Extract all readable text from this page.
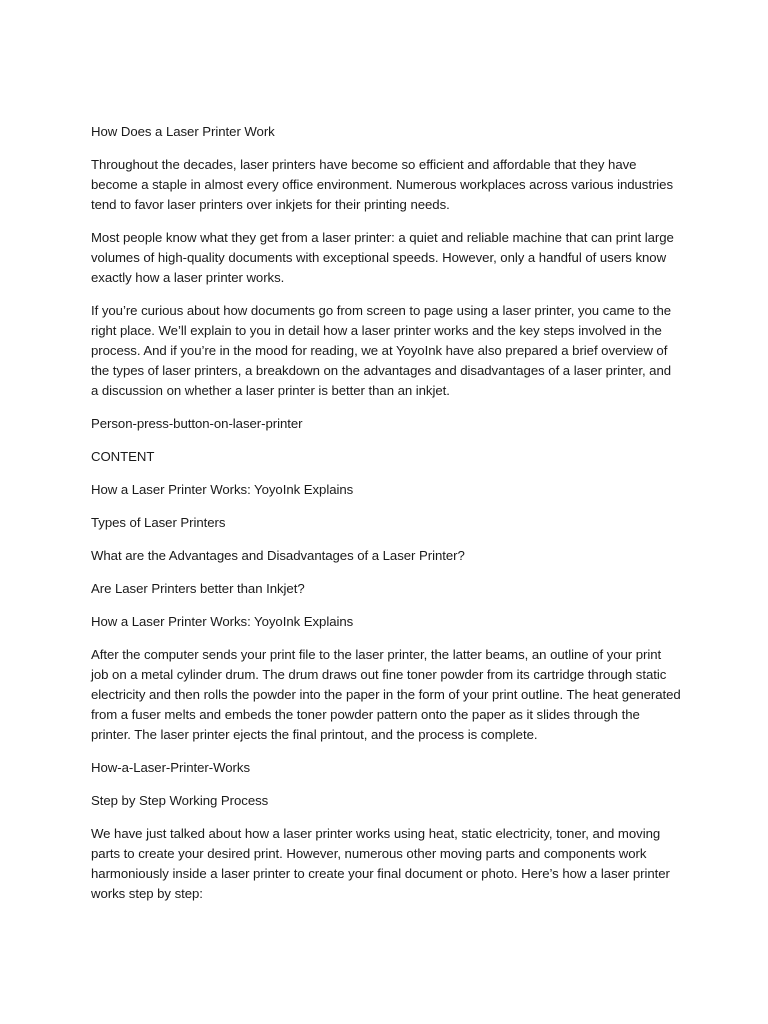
How Does a Laser Printer Work

Throughout the decades, laser printers have become so efficient and affordable that they have become a staple in almost every office environment. Numerous workplaces across various industries tend to favor laser printers over inkjets for their printing needs.

Most people know what they get from a laser printer: a quiet and reliable machine that can print large volumes of high-quality documents with exceptional speeds. However, only a handful of users know exactly how a laser printer works.

If you’re curious about how documents go from screen to page using a laser printer, you came to the right place. We’ll explain to you in detail how a laser printer works and the key steps involved in the process. And if you’re in the mood for reading, we at YoyoInk have also prepared a brief overview of the types of laser printers, a breakdown on the advantages and disadvantages of a laser printer, and a discussion on whether a laser printer is better than an inkjet.

Person-press-button-on-laser-printer

CONTENT

How a Laser Printer Works: YoyoInk Explains

Types of Laser Printers

What are the Advantages and Disadvantages of a Laser Printer?

Are Laser Printers better than Inkjet?

How a Laser Printer Works: YoyoInk Explains

After the computer sends your print file to the laser printer, the latter beams, an outline of your print job on a metal cylinder drum. The drum draws out fine toner powder from its cartridge through static electricity and then rolls the powder into the paper in the form of your print outline. The heat generated from a fuser melts and embeds the toner powder pattern onto the paper as it slides through the printer. The laser printer ejects the final printout, and the process is complete.

How-a-Laser-Printer-Works

Step by Step Working Process

We have just talked about how a laser printer works using heat, static electricity, toner, and moving parts to create your desired print. However, numerous other moving parts and components work harmoniously inside a laser printer to create your final document or photo. Here’s how a laser printer works step by step:
